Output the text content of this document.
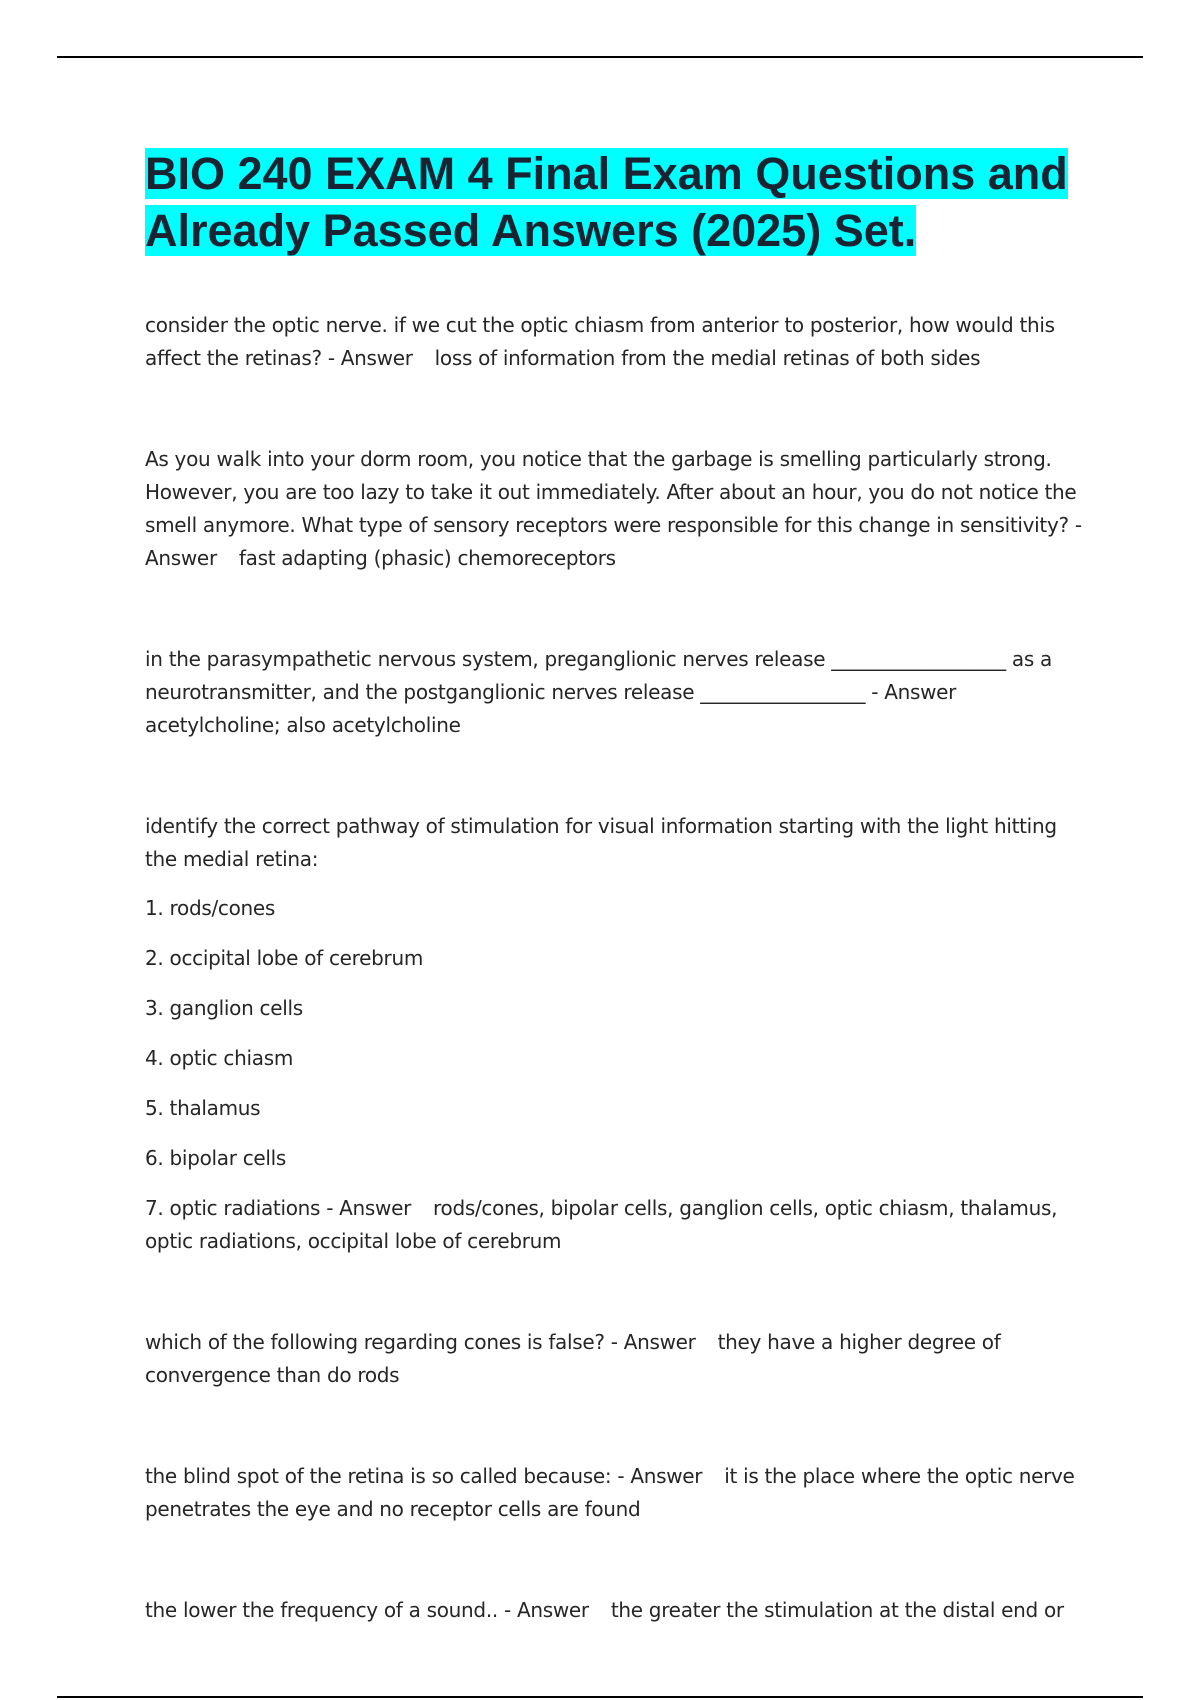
BIO 240 EXAM 4 Final Exam Questions and Already Passed Answers (2025) Set.

consider the optic nerve. if we cut the optic chiasm from anterior to posterior, how would this affect the retinas? - Answer loss of information from the medial retinas of both sides

As you walk into your dorm room, you notice that the garbage is smelling particularly strong. However, you are too lazy to take it out immediately. After about an hour, you do not notice the smell anymore. What type of sensory receptors were responsible for this change in sensitivity? - Answer fast adapting (phasic) chemoreceptors

in the parasympathetic nervous system, preganglionic nerves release __________________ as a neurotransmitter, and the postganglionic nerves release _________________ - Answer acetylcholine; also acetylcholine

identify the correct pathway of stimulation for visual information starting with the light hitting the medial retina:

1. rods/cones

2. occipital lobe of cerebrum

3. ganglion cells

4. optic chiasm

5. thalamus

6. bipolar cells

7. optic radiations - Answer rods/cones, bipolar cells, ganglion cells, optic chiasm, thalamus, optic radiations, occipital lobe of cerebrum

which of the following regarding cones is false? - Answer they have a higher degree of convergence than do rods

the blind spot of the retina is so called because: - Answer it is the place where the optic nerve penetrates the eye and no receptor cells are found

the lower the frequency of a sound.. - Answer the greater the stimulation at the distal end or
